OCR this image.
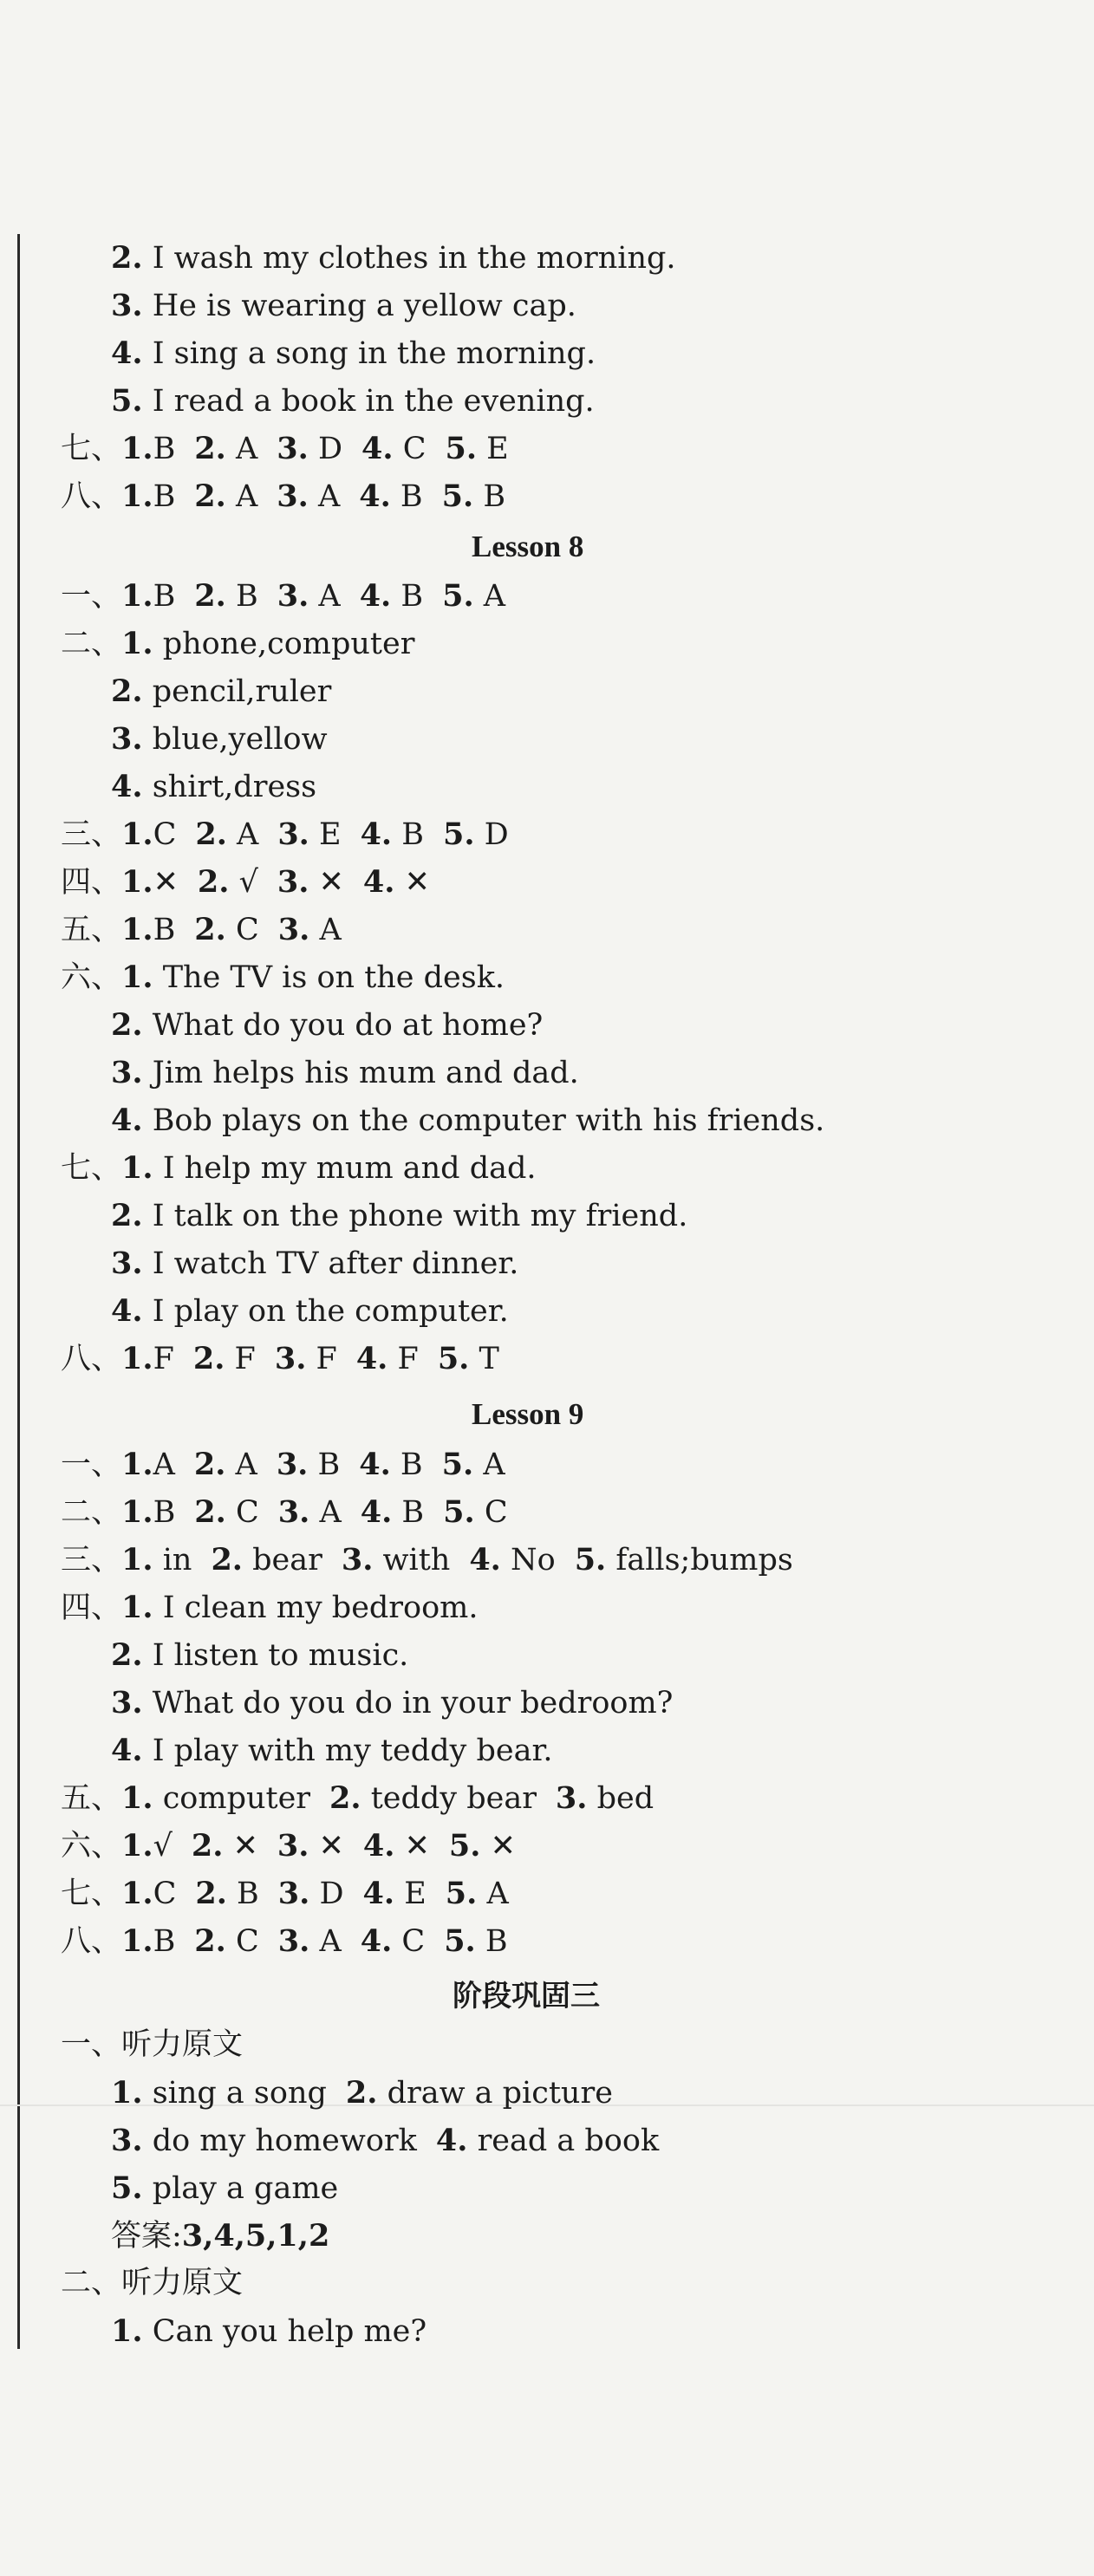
2. I wash my clothes in the morning.
3. He is wearing a yellow cap.
4. I sing a song in the morning.
5. I read a book in the evening.
七、1.B 2. A 3. D 4. C 5. E
八、1.B 2. A 3. A 4. B 5. B
Lesson 8
一、1.B 2. B 3. A 4. B 5. A
二、1. phone,computer
2. pencil,ruler
3. blue,yellow
4. shirt,dress
三、1.C 2. A 3. E 4. B 5. D
四、1.✕ 2. √ 3. ✕ 4. ✕
五、1.B 2. C 3. A
六、1. The TV is on the desk.
2. What do you do at home?
3. Jim helps his mum and dad.
4. Bob plays on the computer with his friends.
七、1. I help my mum and dad.
2. I talk on the phone with my friend.
3. I watch TV after dinner.
4. I play on the computer.
八、1.F 2. F 3. F 4. F 5. T
Lesson 9
一、1.A 2. A 3. B 4. B 5. A
二、1.B 2. C 3. A 4. B 5. C
三、1. in 2. bear 3. with 4. No 5. falls;bumps
四、1. I clean my bedroom.
2. I listen to music.
3. What do you do in your bedroom?
4. I play with my teddy bear.
五、1. computer 2. teddy bear 3. bed
六、1.√ 2. ✕ 3. ✕ 4. ✕ 5. ✕
七、1.C 2. B 3. D 4. E 5. A
八、1.B 2. C 3. A 4. C 5. B
阶段巩固三
一、听力原文
1. sing a song 2. draw a picture
3. do my homework 4. read a book
5. play a game
答案:3,4,5,1,2
二、听力原文
1. Can you help me?
